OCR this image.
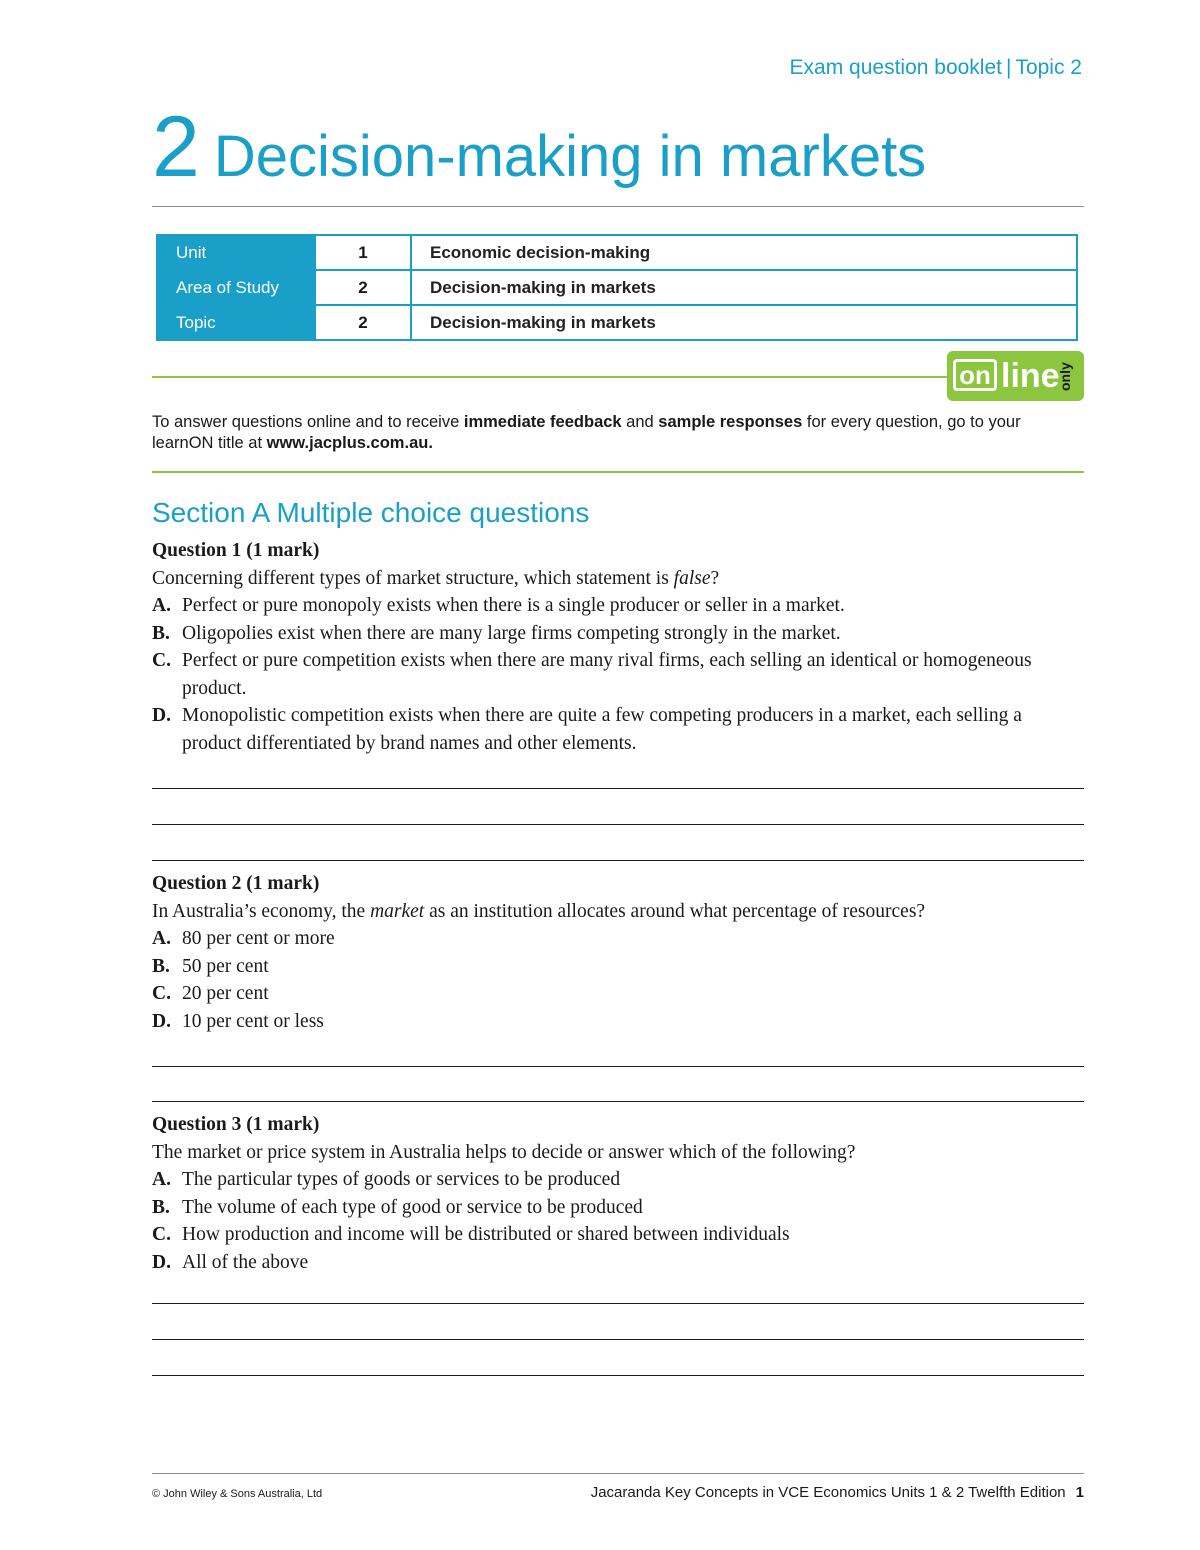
Exam question booklet | Topic 2
2 Decision-making in markets
Unit	1	Economic decision-making
Area of Study	2	Decision-making in markets
Topic	2	Decision-making in markets
on line
only
To answer questions online and to receive immediate feedback and sample responses for every question, go to your learnON title at www.jacplus.com.au.
Section A Multiple choice questions
Question 1 (1 mark)
Concerning different types of market structure, which statement is false?
A. Perfect or pure monopoly exists when there is a single producer or seller in a market.
B. Oligopolies exist when there are many large firms competing strongly in the market.
C. Perfect or pure competition exists when there are many rival firms, each selling an identical or homogeneous product.
D. Monopolistic competition exists when there are quite a few competing producers in a market, each selling a product differentiated by brand names and other elements.
Question 2 (1 mark)
In Australia’s economy, the market as an institution allocates around what percentage of resources?
A. 80 per cent or more
B. 50 per cent
C. 20 per cent
D. 10 per cent or less
Question 3 (1 mark)
The market or price system in Australia helps to decide or answer which of the following?
A. The particular types of goods or services to be produced
B. The volume of each type of good or service to be produced
C. How production and income will be distributed or shared between individuals
D. All of the above
© John Wiley & Sons Australia, Ltd	Jacaranda Key Concepts in VCE Economics Units 1 & 2 Twelfth Edition 1
